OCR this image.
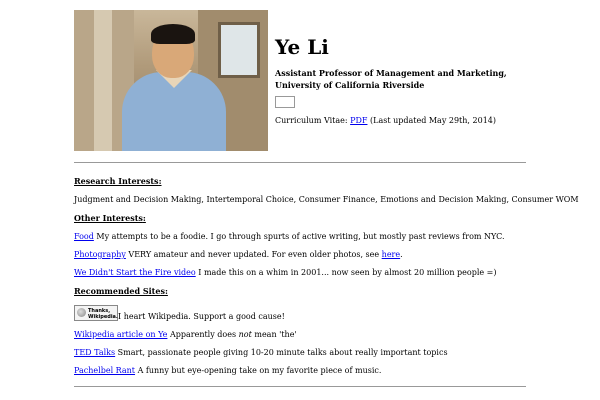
Ye Li
Assistant Professor of Management and Marketing, University of California Riverside
Curriculum Vitae: PDF (Last updated May 29th, 2014)
Research Interests:
Judgment and Decision Making, Intertemporal Choice, Consumer Finance, Emotions and Decision Making, Consumer WOM
Other Interests:
Food My attempts to be a foodie. I go through spurts of active writing, but mostly past reviews from NYC.
Photography VERY amateur and never updated. For even older photos, see here.
We Didn't Start the Fire video I made this on a whim in 2001... now seen by almost 20 million people =)
Recommended Sites:
Thanks, Wikipedia. I heart Wikipedia. Support a good cause!
Wikipedia article on Ye Apparently does not mean 'the'
TED Talks Smart, passionate people giving 10-20 minute talks about really important topics
Pachelbel Rant A funny but eye-opening take on my favorite piece of music.
